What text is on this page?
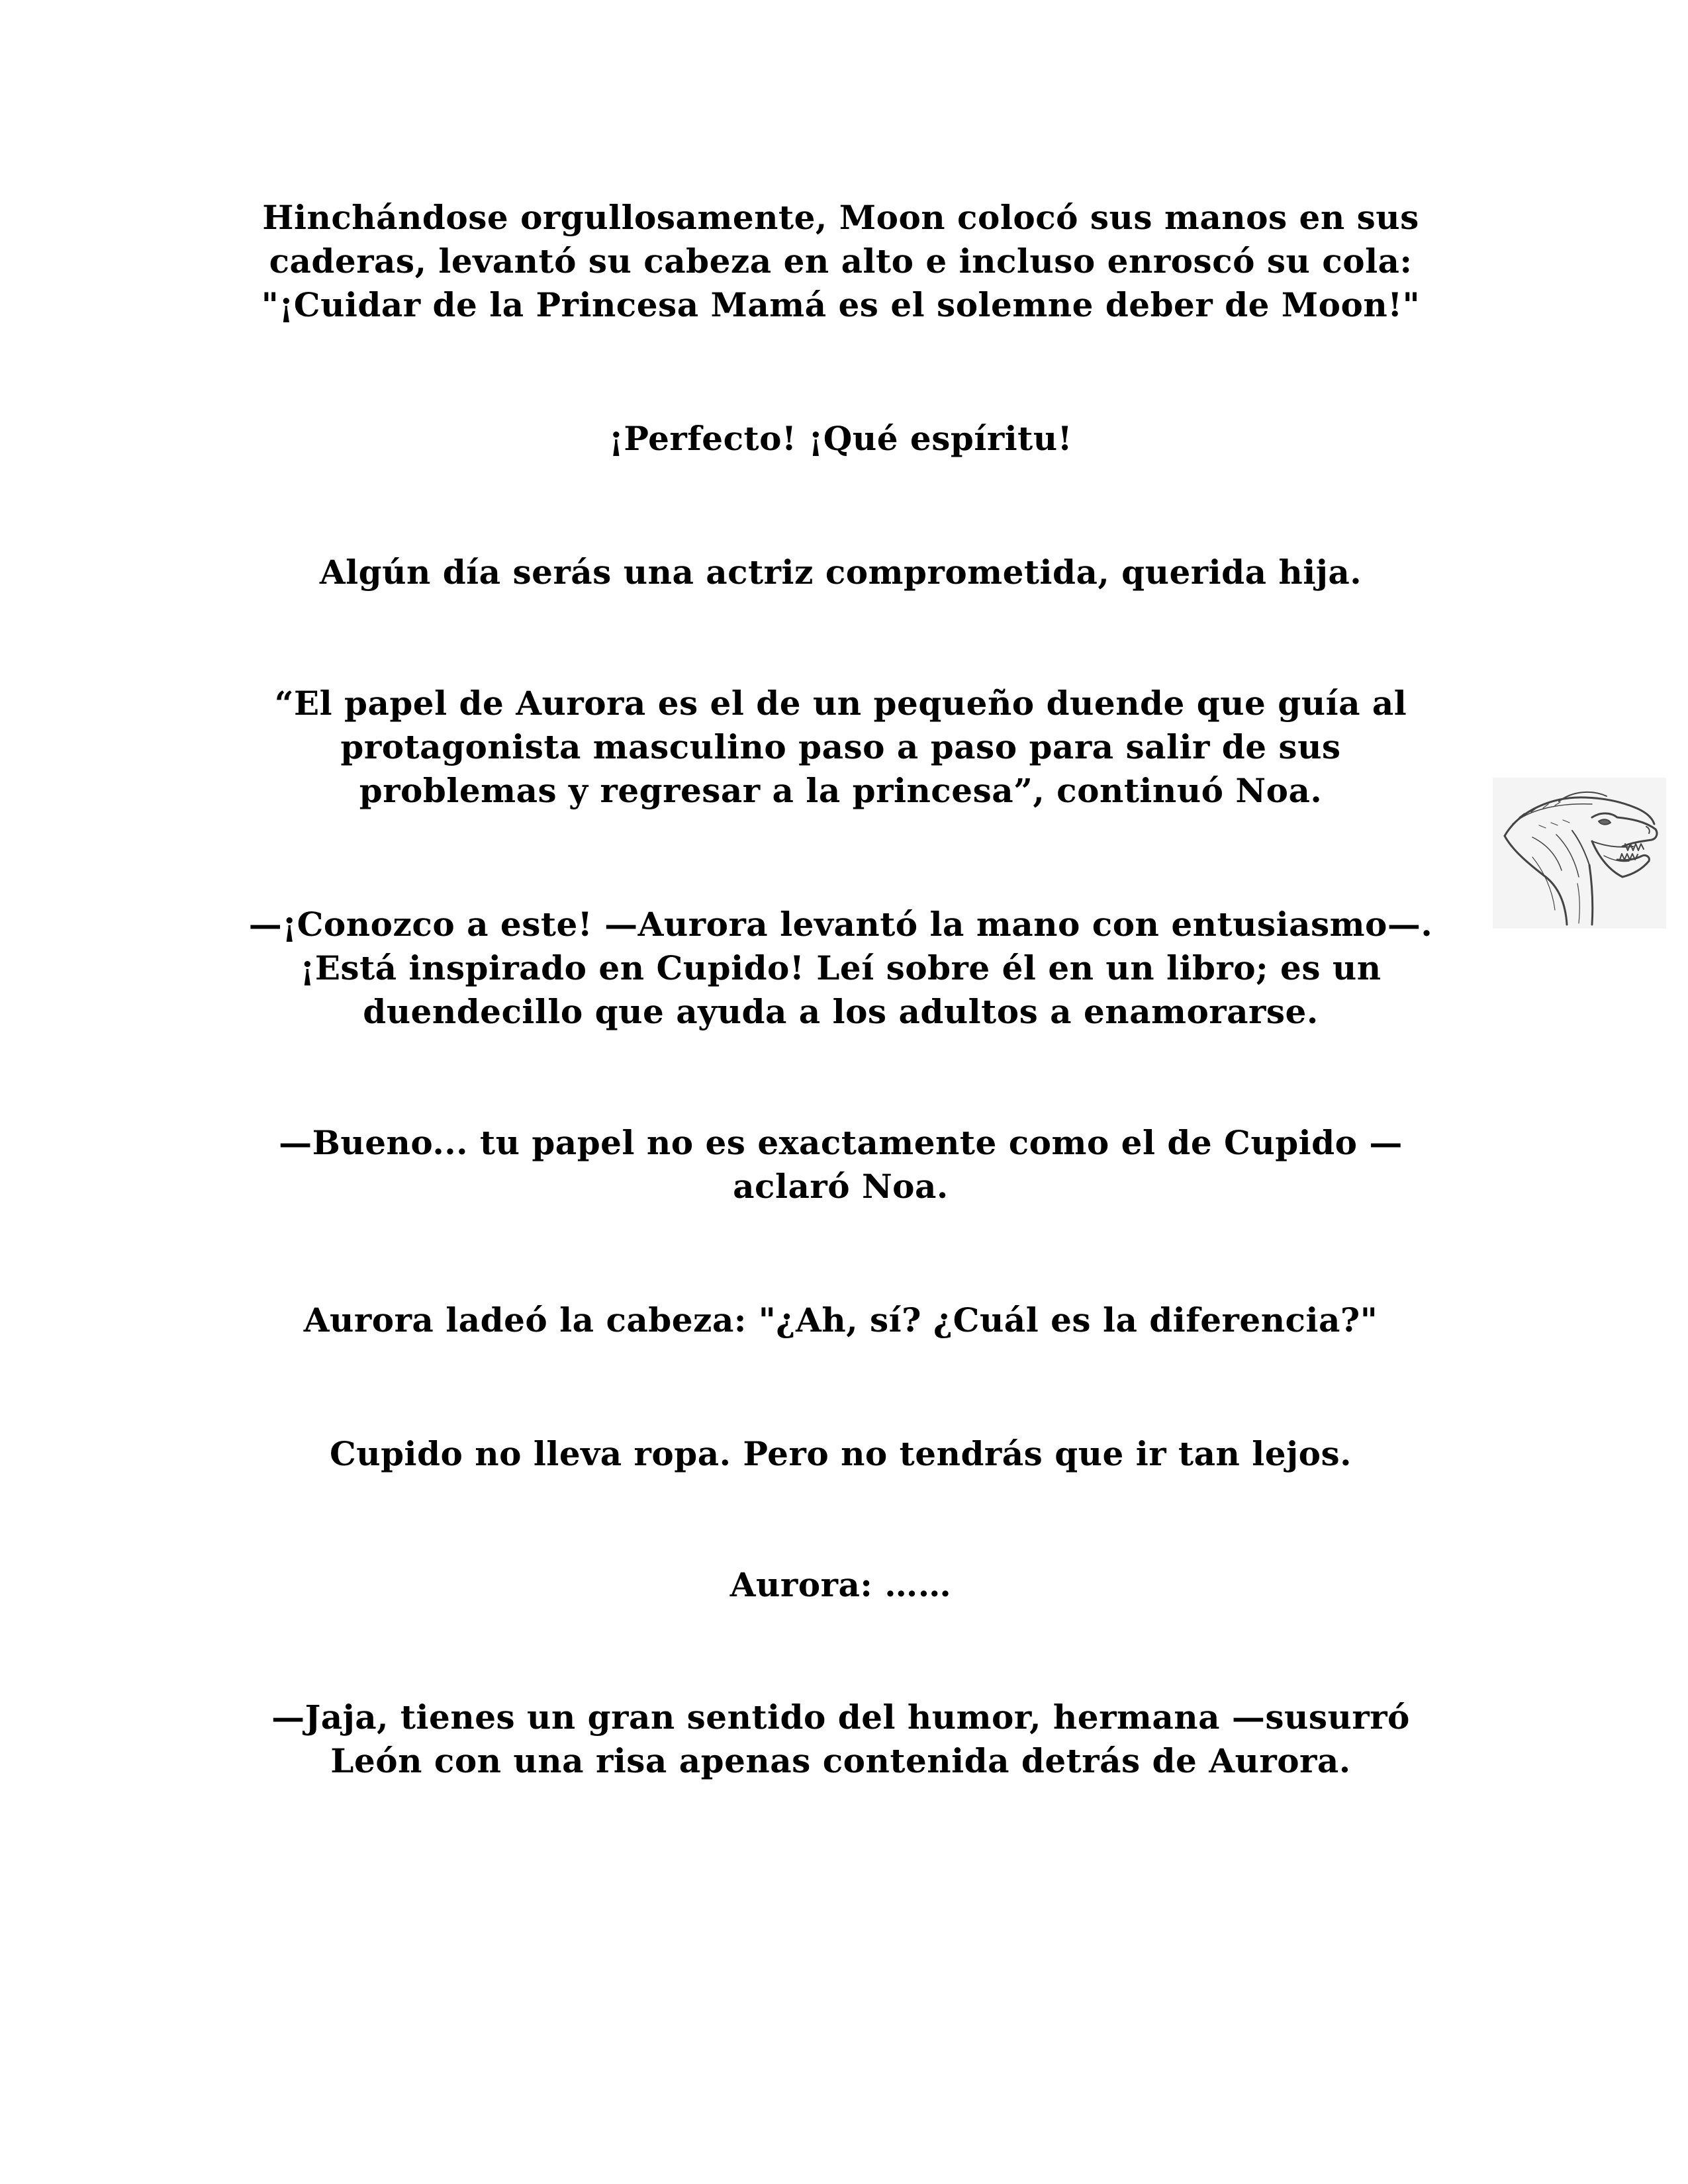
Hinchándose orgullosamente, Moon colocó sus manos en sus
caderas, levantó su cabeza en alto e incluso enroscó su cola:
"¡Cuidar de la Princesa Mamá es el solemne deber de Moon!"

¡Perfecto! ¡Qué espíritu!

Algún día serás una actriz comprometida, querida hija.

“El papel de Aurora es el de un pequeño duende que guía al
protagonista masculino paso a paso para salir de sus
problemas y regresar a la princesa”, continuó Noa.

—¡Conozco a este! —Aurora levantó la mano con entusiasmo—.
¡Está inspirado en Cupido! Leí sobre él en un libro; es un
duendecillo que ayuda a los adultos a enamorarse.

—Bueno... tu papel no es exactamente como el de Cupido —
aclaró Noa.

Aurora ladeó la cabeza: "¿Ah, sí? ¿Cuál es la diferencia?"

Cupido no lleva ropa. Pero no tendrás que ir tan lejos.

Aurora: ……

—Jaja, tienes un gran sentido del humor, hermana —susurró
León con una risa apenas contenida detrás de Aurora.
